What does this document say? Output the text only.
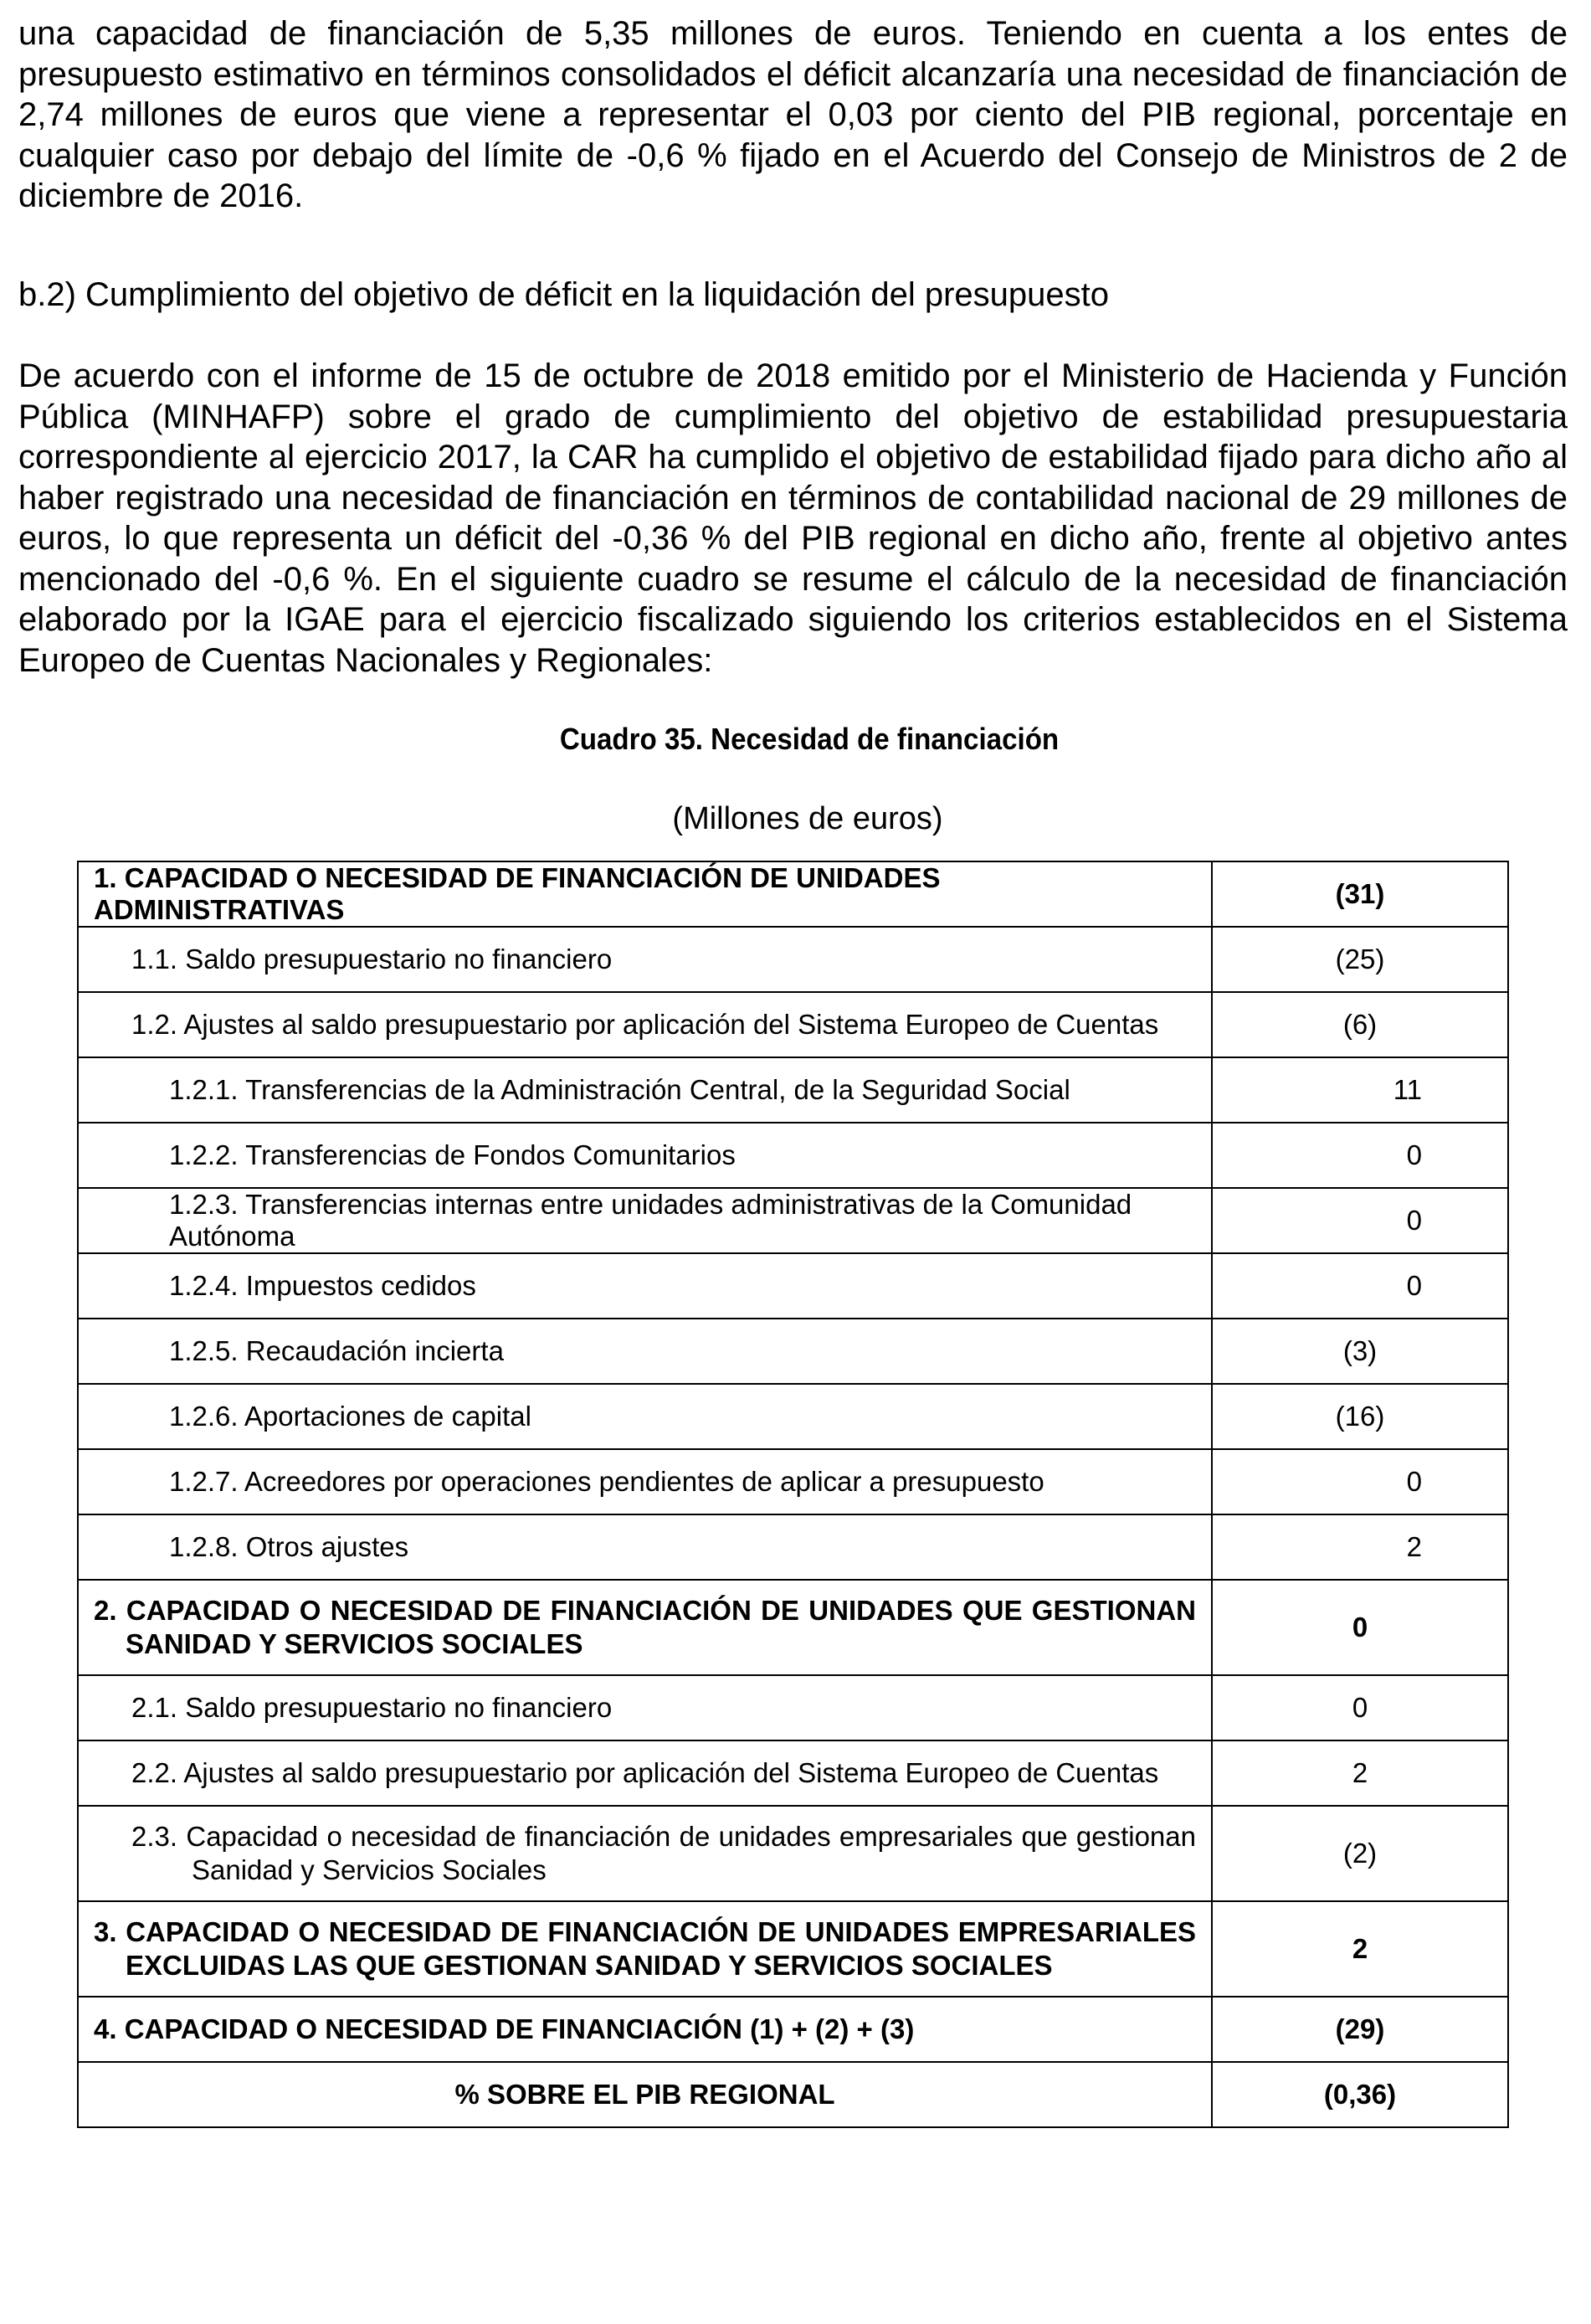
una capacidad de financiación de 5,35 millones de euros. Teniendo en cuenta a los entes de presupuesto estimativo en términos consolidados el déficit alcanzaría una necesidad de financiación de 2,74 millones de euros que viene a representar el 0,03 por ciento del PIB regional, porcentaje en cualquier caso por debajo del límite de -0,6 % fijado en el Acuerdo del Consejo de Ministros de 2 de diciembre de 2016.

b.2) Cumplimiento del objetivo de déficit en la liquidación del presupuesto

De acuerdo con el informe de 15 de octubre de 2018 emitido por el Ministerio de Hacienda y Función Pública (MINHAFP) sobre el grado de cumplimiento del objetivo de estabilidad presupuestaria correspondiente al ejercicio 2017, la CAR ha cumplido el objetivo de estabilidad fijado para dicho año al haber registrado una necesidad de financiación en términos de contabilidad nacional de 29 millones de euros, lo que representa un déficit del -0,36 % del PIB regional en dicho año, frente al objetivo antes mencionado del -0,6 %. En el siguiente cuadro se resume el cálculo de la necesidad de financiación elaborado por la IGAE para el ejercicio fiscalizado siguiendo los criterios establecidos en el Sistema Europeo de Cuentas Nacionales y Regionales:

Cuadro 35. Necesidad de financiación
(Millones de euros)
1. CAPACIDAD O NECESIDAD DE FINANCIACIÓN DE UNIDADES ADMINISTRATIVAS	(31)
1.1. Saldo presupuestario no financiero	(25)
1.2. Ajustes al saldo presupuestario por aplicación del Sistema Europeo de Cuentas	(6)
1.2.1. Transferencias de la Administración Central, de la Seguridad Social	11
1.2.2. Transferencias de Fondos Comunitarios	0
1.2.3. Transferencias internas entre unidades administrativas de la Comunidad Autónoma	0
1.2.4. Impuestos cedidos	0
1.2.5. Recaudación incierta	(3)
1.2.6. Aportaciones de capital	(16)
1.2.7. Acreedores por operaciones pendientes de aplicar a presupuesto	0
1.2.8. Otros ajustes	2

2. CAPACIDAD O NECESIDAD DE FINANCIACIÓN DE UNIDADES QUE GESTIONAN SANIDAD Y SERVICIOS SOCIALES	0
2.1. Saldo presupuestario no financiero	0
2.2. Ajustes al saldo presupuestario por aplicación del Sistema Europeo de Cuentas	2

2.3. Capacidad o necesidad de financiación de unidades empresariales que gestionan Sanidad y Servicios Sociales	(2)

3. CAPACIDAD O NECESIDAD DE FINANCIACIÓN DE UNIDADES EMPRESARIALES EXCLUIDAS LAS QUE GESTIONAN SANIDAD Y SERVICIOS SOCIALES	2
4. CAPACIDAD O NECESIDAD DE FINANCIACIÓN (1) + (2) + (3)	(29)
% SOBRE EL PIB REGIONAL	(0,36)
